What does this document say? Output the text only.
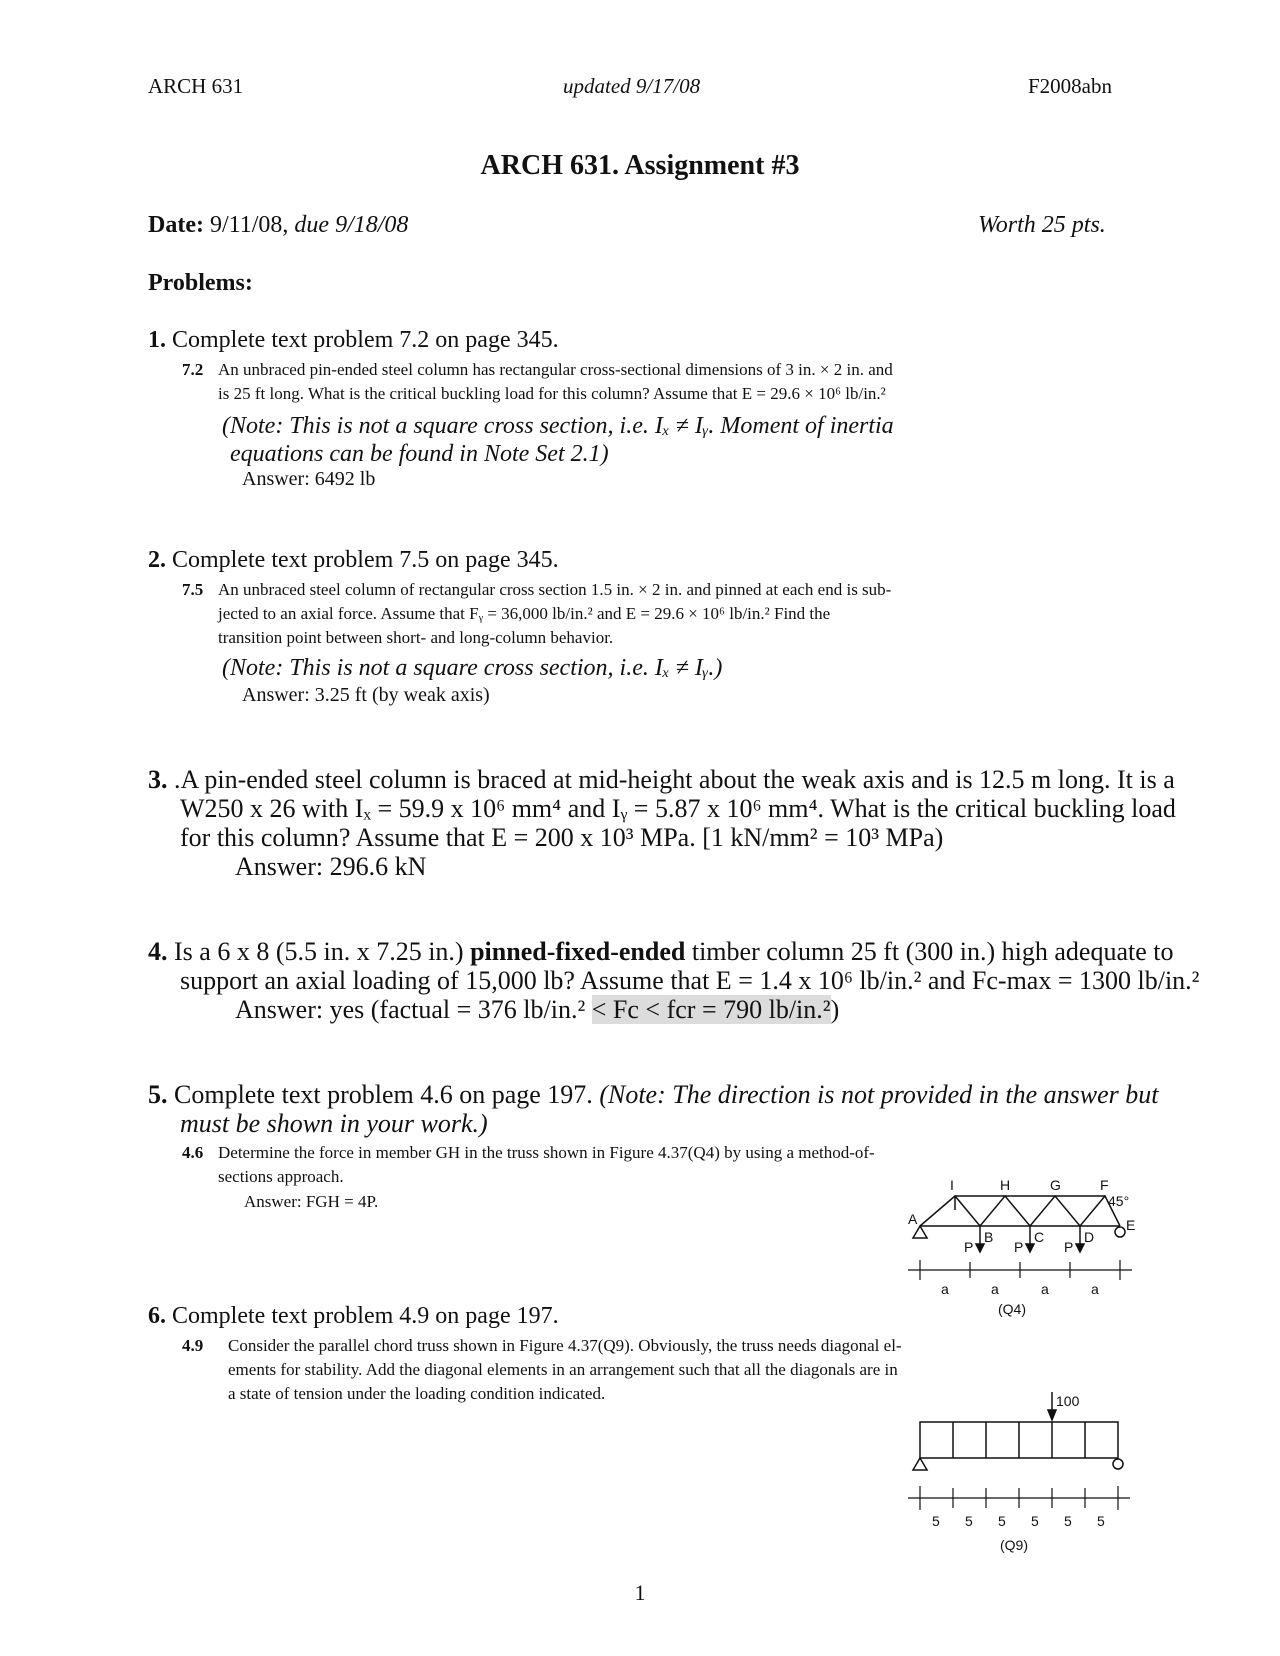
ARCH 631	updated 9/17/08	F2008abn
ARCH 631. Assignment #3
Date: 9/11/08, due 9/18/08	Worth 25 pts.
Problems:
1. Complete text problem 7.2 on page 345.
7.2 An unbraced pin-ended steel column has rectangular cross-sectional dimensions of 3 in. × 2 in. and
is 25 ft long. What is the critical buckling load for this column? Assume that E = 29.6 × 10⁶ lb/in.²
(Note: This is not a square cross section, i.e. Iₓ ≠ Iᵧ. Moment of inertia
equations can be found in Note Set 2.1)
Answer: 6492 lb
2. Complete text problem 7.5 on page 345.
7.5 An unbraced steel column of rectangular cross section 1.5 in. × 2 in. and pinned at each end is sub-
jected to an axial force. Assume that Fᵧ = 36,000 lb/in.² and E = 29.6 × 10⁶ lb/in.² Find the
transition point between short- and long-column behavior.
(Note: This is not a square cross section, i.e. Iₓ ≠ Iᵧ.)
Answer: 3.25 ft (by weak axis)
3. .A pin-ended steel column is braced at mid-height about the weak axis and is 12.5 m long. It is a
W250 x 26 with Iₓ = 59.9 x 10⁶ mm⁴ and Iᵧ = 5.87 x 10⁶ mm⁴. What is the critical buckling load
for this column? Assume that E = 200 x 10³ MPa. [1 kN/mm² = 10³ MPa)
Answer: 296.6 kN
4. Is a 6 x 8 (5.5 in. x 7.25 in.) pinned-fixed-ended timber column 25 ft (300 in.) high adequate to
support an axial loading of 15,000 lb? Assume that E = 1.4 x 10⁶ lb/in.² and Fc-max = 1300 lb/in.²
Answer: yes (factual = 376 lb/in.² < Fc < fcr = 790 lb/in.²)
5. Complete text problem 4.6 on page 197. (Note: The direction is not provided in the answer but
must be shown in your work.)
4.6 Determine the force in member GH in the truss shown in Figure 4.37(Q4) by using a method-of-
sections approach.
Answer: FGH = 4P.
I	H	G	F
A
B	C	D
E
P	P	P
45°
a	a	a	a
(Q4)
6. Complete text problem 4.9 on page 197.
4.9 Consider the parallel chord truss shown in Figure 4.37(Q9). Obviously, the truss needs diagonal el-
ements for stability. Add the diagonal elements in an arrangement such that all the diagonals are in
a state of tension under the loading condition indicated.	100
5 5 5 5 5 5
(Q9)
1
